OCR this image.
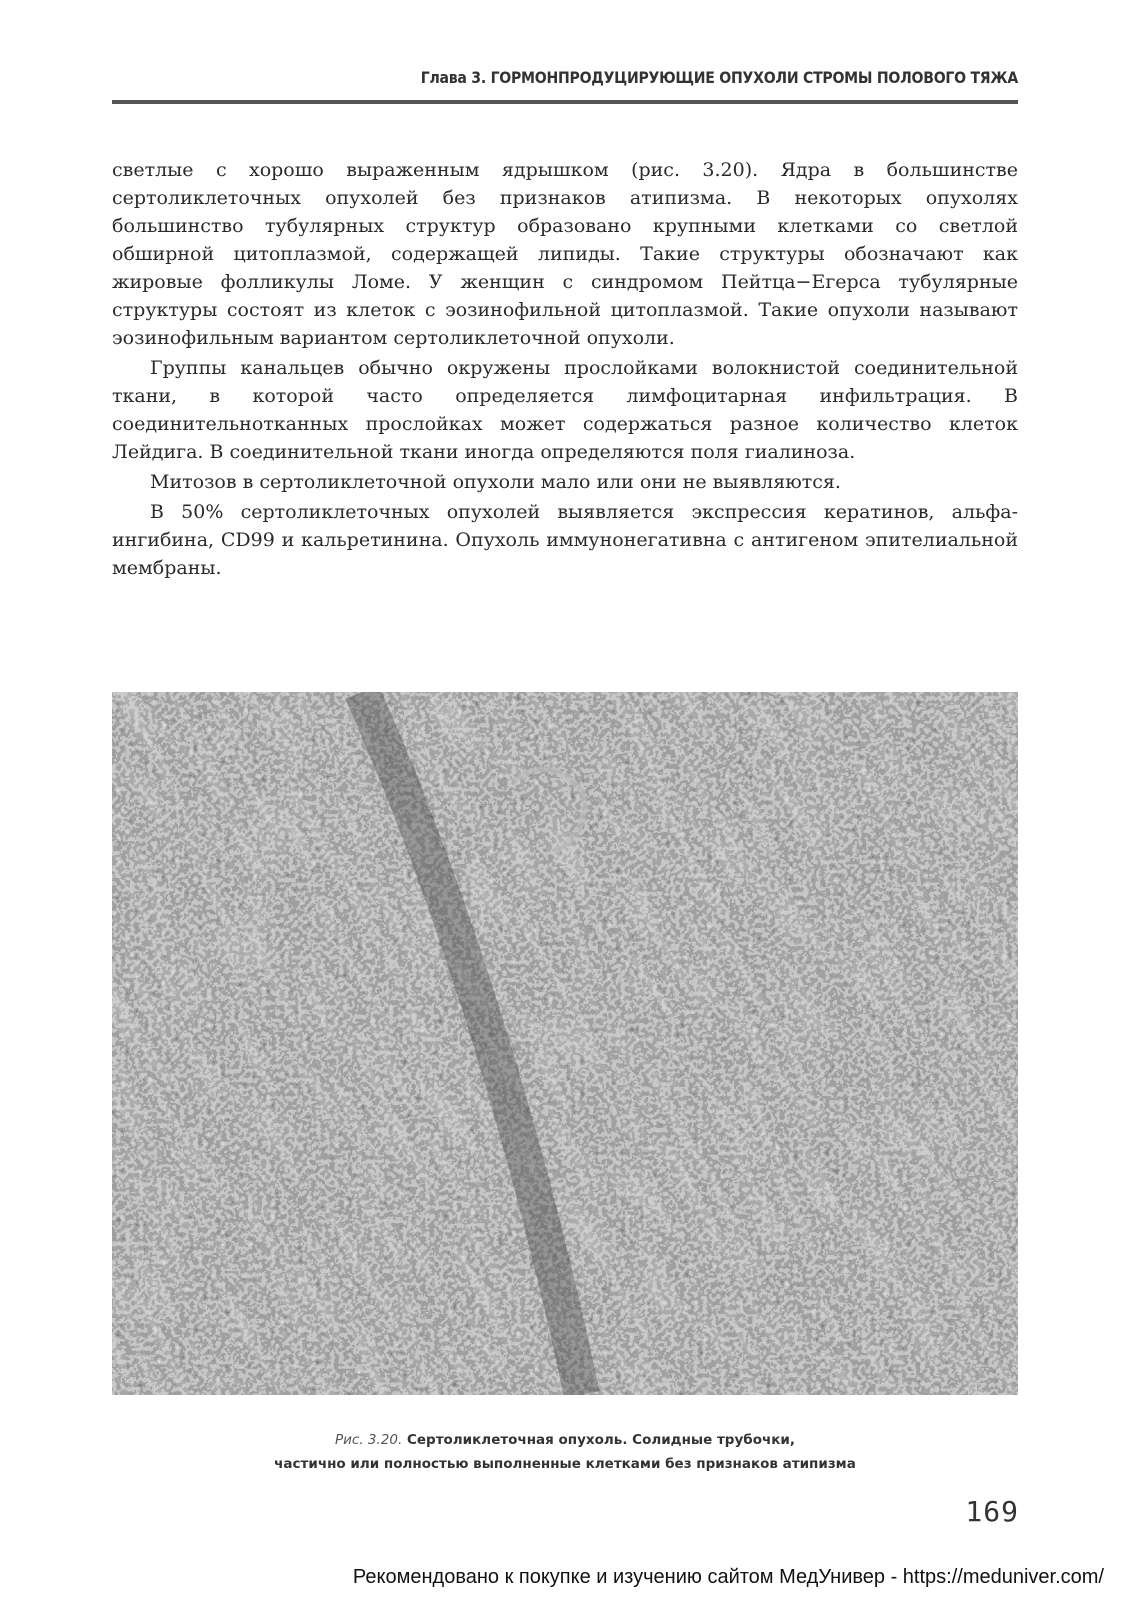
Глава 3. ГОРМОНПРОДУЦИРУЮЩИЕ ОПУХОЛИ СТРОМЫ ПОЛОВОГО ТЯЖА

светлые с хорошо выраженным ядрышком (рис. 3.20). Ядра в большинстве сертоликлеточных опухолей без признаков атипизма. В некоторых опухолях большинство тубулярных структур образовано крупными клетками со светлой обширной цитоплазмой, содержащей липиды. Такие структуры обозначают как жировые фолликулы Ломе. У женщин с синдромом Пейтца−Егерса тубулярные структуры состоят из клеток с эозинофильной цитоплазмой. Такие опухоли называют эозинофильным вариантом сертоликлеточной опухоли.

Группы канальцев обычно окружены прослойками волокнистой соединительной ткани, в которой часто определяется лимфоцитарная инфильтрация. В соединительнотканных прослойках может содержаться разное количество клеток Лейдига. В соединительной ткани иногда определяются поля гиалиноза.

Митозов в сертоликлеточной опухоли мало или они не выявляются.

В 50% сертоликлеточных опухолей выявляется экспрессия кератинов, альфа-ингибина, CD99 и кальретинина. Опухоль иммунонегативна с антигеном эпителиальной мембраны.

Рис. 3.20. Сертоликлеточная опухоль. Солидные трубочки,
частично или полностью выполненные клетками без признаков атипизма
169
Рекомендовано к покупке и изучению сайтом МедУнивер - https://meduniver.com/
